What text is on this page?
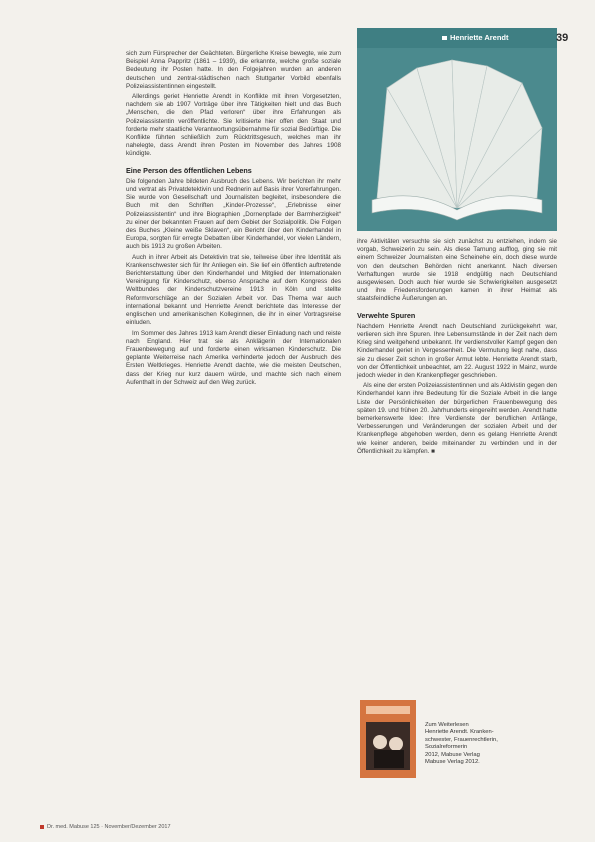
Henriette Arendt	39

sich zum Fürsprecher der Geächteten. Bürgerliche Kreise bewegte, wie zum Beispiel Anna Pappritz (1861 – 1939), die erkannte, welche große soziale Bedeutung ihr Posten hatte. In den Folgejahren wurden an anderen deutschen und zentral-städtischen nach Stuttgarter Vorbild ebenfalls Polizeiassistentinnen eingestellt.

Allerdings geriet Henriette Arendt in Konflikte mit ihren Vorgesetzten, nachdem sie ab 1907 Vorträge über ihre Tätigkeiten hielt und das Buch „Menschen, die den Pfad verloren“ über ihre Erfahrungen als Polizeiassistentin veröffentlichte. Sie kritisierte hier offen den Staat und forderte mehr staatliche Verantwortungsübernahme für sozial Bedürftige. Die Konflikte führten schließlich zum Rücktrittsgesuch, welches man ihr nahelegte, dass Arendt ihren Posten im November des Jahres 1908 kündigte.

Eine Person des öffentlichen Lebens

Die folgenden Jahre bildeten Ausbruch des Lebens. Wir berichten ihr mehr und vertrat als Privatdetektivin und Rednerin auf Basis ihrer Vorerfahrungen. Sie wurde von Gesellschaft und Journalisten begleitet, insbesondere die Buch mit den Schriften „Kinder-Prozesse“, „Erlebnisse einer Polizeiassistentin“ und ihre Biographien „Dornenpfade der Barmherzigkeit“ zu einer der bekannten Frauen auf dem Gebiet der Sozialpolitik. Die Folgen des Buches „Kleine weiße Sklaven“, ein Bericht über den Kinderhandel in Europa, sorgten für erregte Debatten über Kinderhandel, vor vielen Ländern, auch bis 1913 zu großen Arbeiten.

Auch in ihrer Arbeit als Detektivin trat sie, teilweise über ihre Identität als Krankenschwester sich für Ihr Anliegen ein. Sie lief ein öffentlich auftretende Berichterstattung über den Kinderhandel und Mitglied der Internationalen Vereinigung für Kinderschutz, ebenso Ansprache auf dem Kongress des Weltbundes der Kinderschutzvereine 1913 in Köln und stellte Reformvorschläge an der Sozialen Arbeit vor. Das Thema war auch international bekannt und Henriette Arendt berichtete das Interesse der englischen und amerikanischen Kolleginnen, die ihr in einer Vortragsreise einluden.

Im Sommer des Jahres 1913 kam Arendt dieser Einladung nach und reiste nach England. Hier trat sie als Anklägerin der Internationalen Frauenbewegung auf und forderte einen wirksamen Kinderschutz. Die geplante Weiterreise nach Amerika verhinderte jedoch der Ausbruch des Ersten Weltkrieges. Henriette Arendt dachte, wie die meisten Deutschen, dass der Krieg nur kurz dauern würde, und machte sich nach einem Aufenthalt in der Schweiz auf den Weg zurück.

ihre Aktivitäten versuchte sie sich zunächst zu entziehen, indem sie vorgab, Schweizerin zu sein. Als diese Tarnung aufflog, ging sie mit einem Schweizer Journalisten eine Scheinehe ein, doch diese wurde von den deutschen Behörden nicht anerkannt. Nach diversen Verhaftungen wurde sie 1918 endgültig nach Deutschland ausgewiesen. Doch auch hier wurde sie Schwierigkeiten ausgesetzt und ihre Friedensforderungen kamen in ihrer Heimat als staatsfeindliche Äußerungen an.

Verwehte Spuren

Nachdem Henriette Arendt nach Deutschland zurückgekehrt war, verlieren sich ihre Spuren. Ihre Lebensumstände in der Zeit nach dem Krieg sind weitgehend unbekannt. Ihr verdienstvoller Kampf gegen den Kinderhandel geriet in Vergessenheit. Die Vermutung liegt nahe, dass sie zu dieser Zeit schon in großer Armut lebte. Henriette Arendt starb, von der Öffentlichkeit unbeachtet, am 22. August 1922 in Mainz, wurde jedoch wieder in den Krankenpfleger geschrieben.

Als eine der ersten Polizeiassistentinnen und als Aktivistin gegen den Kinderhandel kann ihre Bedeutung für die Soziale Arbeit in die lange Liste der Persönlichkeiten der bürgerlichen Frauenbewegung des späten 19. und frühen 20. Jahrhunderts eingereiht werden. Arendt hatte bemerkenswerte Idee: Ihre Verdienste der beruflichen Anfänge, Verbesserungen und Veränderungen der sozialen Arbeit und der Krankenpflege abgehoben werden, denn es gelang Henriette Arendt wie keiner anderen, beide miteinander zu verbinden und in der Öffentlichkeit zu kämpfen. ■

Zum Weiterlesen
Henriette Arendt. Kranken-
schwester, Frauenrechtlerin,
Sozialreformerin
2012, Mabuse Verlag
Mabuse Verlag 2012.
Dr. med. Mabuse 125 · November/Dezember 2017
